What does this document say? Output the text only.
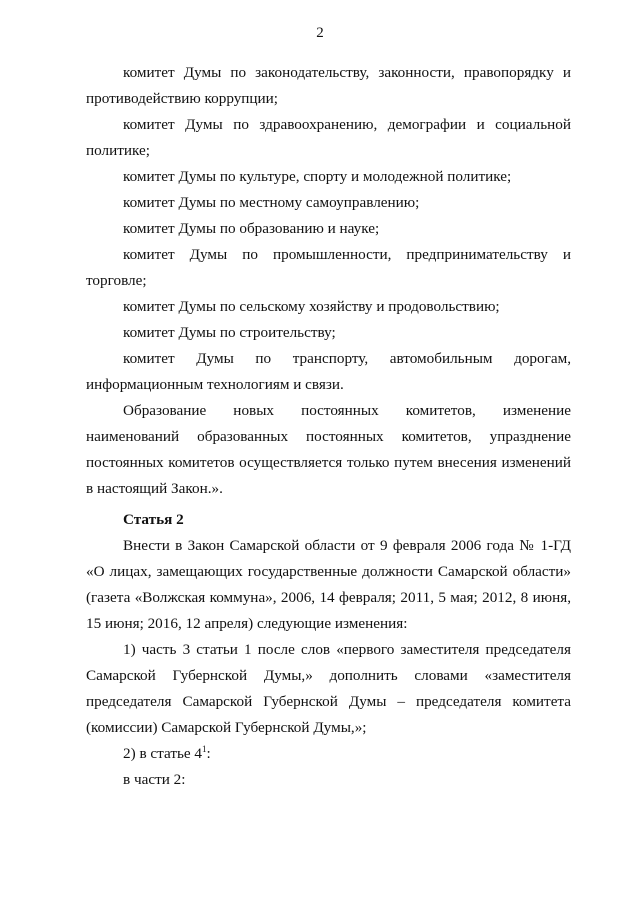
2

комитет Думы по законодательству, законности, правопорядку и противодействию коррупции;

комитет Думы по здравоохранению, демографии и социальной политике;

комитет Думы по культуре, спорту и молодежной политике;

комитет Думы по местному самоуправлению;

комитет Думы по образованию и науке;

комитет Думы по промышленности, предпринимательству и торговле;

комитет Думы по сельскому хозяйству и продовольствию;

комитет Думы по строительству;

комитет Думы по транспорту, автомобильным дорогам, информационным технологиям и связи.

Образование новых постоянных комитетов, изменение наименований образованных постоянных комитетов, упразднение постоянных комитетов осуществляется только путем внесения изменений в настоящий Закон.».

Статья 2

Внести в Закон Самарской области от 9 февраля 2006 года № 1-ГД «О лицах, замещающих государственные должности Самарской области» (газета «Волжская коммуна», 2006, 14 февраля; 2011, 5 мая; 2012, 8 июня, 15 июня; 2016, 12 апреля) следующие изменения:

1) часть 3 статьи 1 после слов «первого заместителя председателя Самарской Губернской Думы,» дополнить словами «заместителя председателя Самарской Губернской Думы – председателя комитета (комиссии) Самарской Губернской Думы,»;

2) в статье $4^1$:

в части 2:
